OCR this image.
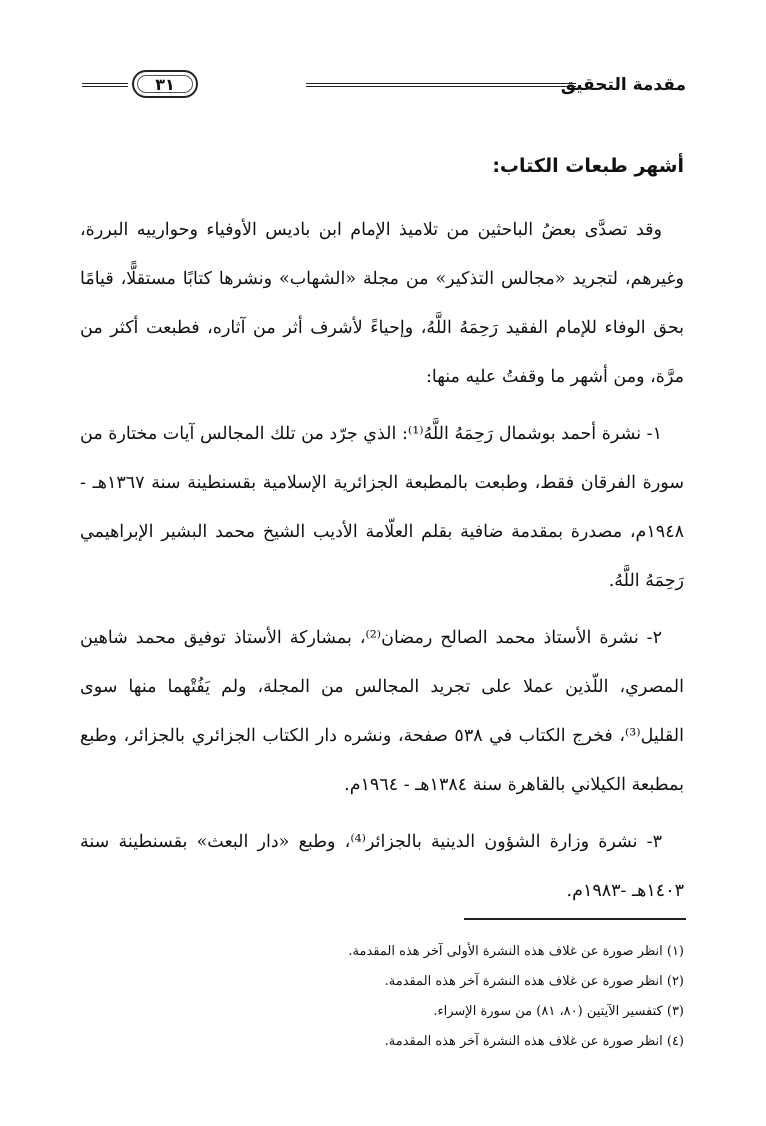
مقدمة التحقيق
٣١
أشهر طبعات الكتاب:

وقد تصدَّى بعضُ الباحثين من تلاميذ الإمام ابن باديس الأوفياء وحوارييه البررة، وغيرهم، لتجريد «مجالس التذكير» من مجلة «الشهاب» ونشرها كتابًا مستقلًّا، قيامًا بحق الوفاء للإمام الفقيد رَحِمَهُ اللَّهُ، وإحياءً لأشرف أثر من آثاره، فطبعت أكثر من مرَّة، ومن أشهر ما وقفتُ عليه منها:

١- نشرة أحمد بوشمال رَحِمَهُ اللَّهُ⁽¹⁾: الذي جرّد من تلك المجالس آيات مختارة من سورة الفرقان فقط، وطبعت بالمطبعة الجزائرية الإسلامية بقسنطينة سنة ١٣٦٧هـ - ١٩٤٨م، مصدرة بمقدمة ضافية بقلم العلّامة الأديب الشيخ محمد البشير الإبراهيمي رَحِمَهُ اللَّهُ.

٢- نشرة الأستاذ محمد الصالح رمضان⁽²⁾، بمشاركة الأستاذ توفيق محمد شاهين المصري، اللّذين عملا على تجريد المجالس من المجلة، ولم يَفُتْهما منها سوى القليل⁽³⁾، فخرج الكتاب في ٥٣٨ صفحة، ونشره دار الكتاب الجزائري بالجزائر، وطبع بمطبعة الكيلاني بالقاهرة سنة ١٣٨٤هـ - ١٩٦٤م.

٣- نشرة وزارة الشؤون الدينية بالجزائر⁽⁴⁾، وطبع «دار البعث» بقسنطينة سنة ١٤٠٣هـ -١٩٨٣م.

(١) انظر صورة عن غلاف هذه النشرة الأولى آخر هذه المقدمة.
(٢) انظر صورة عن غلاف هذه النشرة آخر هذه المقدمة.
(٣) كتفسير الآيتين (٨٠، ٨١) من سورة الإسراء.
(٤) انظر صورة عن غلاف هذه النشرة آخر هذه المقدمة.
